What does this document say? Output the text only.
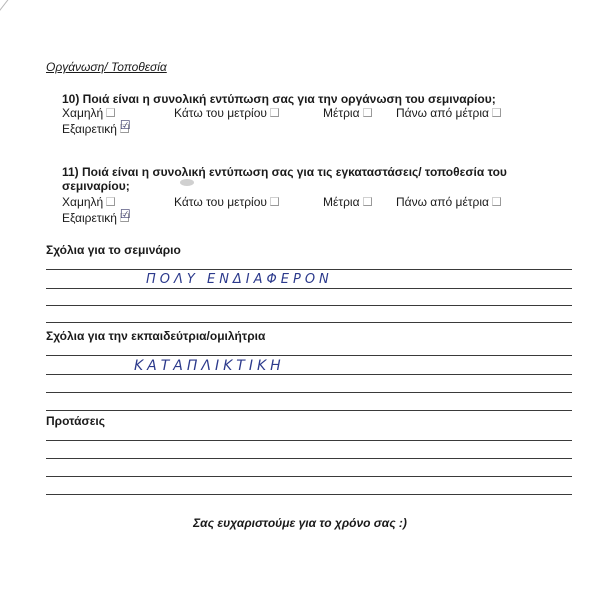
Οργάνωση/ Τοποθεσία
10) Ποιά είναι η συνολική εντύπωση σας για την οργάνωση του σεμιναρίου;
Χαμηλή	Κάτω του μετρίου	Μέτρια	Πάνω από μέτρια
Εξαιρετική ☑
11) Ποιά είναι η συνολική εντύπωση σας για τις εγκαταστάσεις/ τοποθεσία του σεμιναρίου;
Χαμηλή	Κάτω του μετρίου	Μέτρια	Πάνω από μέτρια
Εξαιρετική ☑
Σχόλια για το σεμινάριο
ΠΟΛΥ ΕΝΔΙΑΦΕΡΟΝ
Σχόλια για την εκπαιδεύτρια/ομιλήτρια
ΚΑΤΑΠΛΙΚΤΙΚΗ
Προτάσεις
Σας ευχαριστούμε για το χρόνο σας :)
